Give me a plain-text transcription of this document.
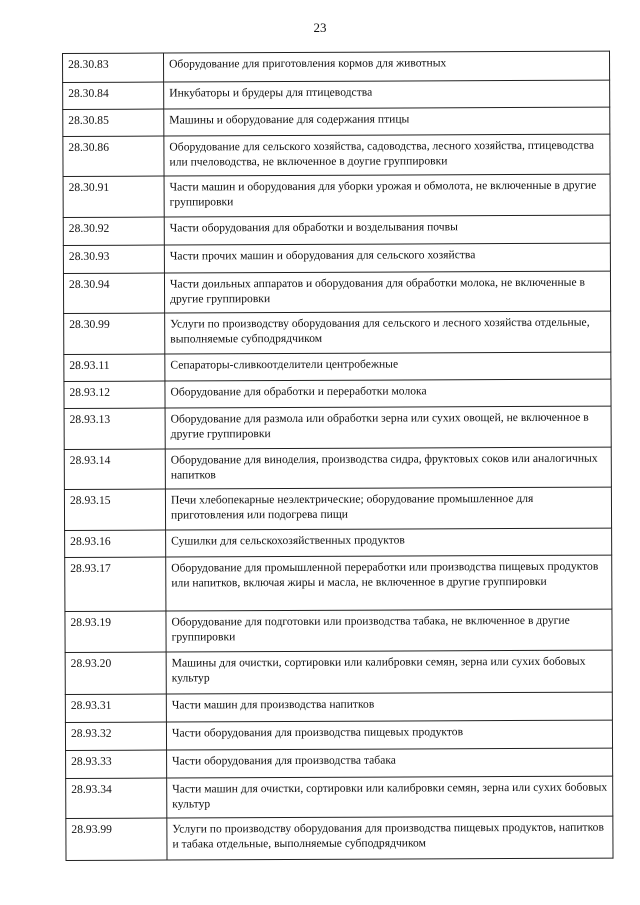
23
28.30.83	Оборудование для приготовления кормов для животных
28.30.84	Инкубаторы и брудеры для птицеводства
28.30.85	Машины и оборудование для содержания птицы
28.30.86	Оборудование для сельского хозяйства, садоводства, лесного хозяйства, птицеводства или пчеловодства, не включенное в доугие группировки
28.30.91	Части машин и оборудования для уборки урожая и обмолота, не включенные в другие группировки
28.30.92	Части оборудования для обработки и возделывания почвы
28.30.93	Части прочих машин и оборудования для сельского хозяйства
28.30.94	Части доильных аппаратов и оборудования для обработки молока, не включенные в другие группировки
28.30.99	Услуги по производству оборудования для сельского и лесного хозяйства отдельные, выполняемые субподрядчиком
28.93.11	Сепараторы-сливкоотделители центробежные
28.93.12	Оборудование для обработки и переработки молока
28.93.13	Оборудование для размола или обработки зерна или сухих овощей, не включенное в другие группировки
28.93.14	Оборудование для виноделия, производства сидра, фруктовых соков или аналогичных напитков
28.93.15	Печи хлебопекарные неэлектрические; оборудование промышленное для приготовления или подогрева пищи
28.93.16	Сушилки для сельскохозяйственных продуктов
28.93.17	Оборудование для промышленной переработки или производства пищевых продуктов или напитков, включая жиры и масла, не включенное в другие группировки
28.93.19	Оборудование для подготовки или производства табака, не включенное в другие группировки
28.93.20	Машины для очистки, сортировки или калибровки семян, зерна или сухих бобовых культур
28.93.31	Части машин для производства напитков
28.93.32	Части оборудования для производства пищевых продуктов
28.93.33	Части оборудования для производства табака
28.93.34	Части машин для очистки, сортировки или калибровки семян, зерна или сухих бобовых культур
28.93.99	Услуги по производству оборудования для производства пищевых продуктов, напитков и табака отдельные, выполняемые субподрядчиком
